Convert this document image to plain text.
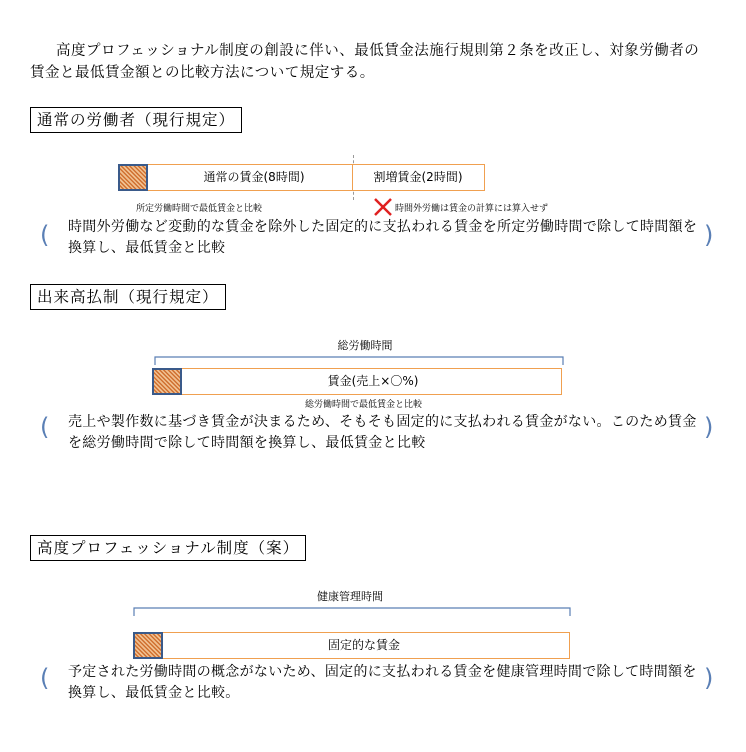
高度プロフェッショナル制度の創設に伴い、最低賃金法施行規則第２条を改正し、対象労働者の賃金と最低賃金額との比較方法について規定する。
通常の労働者（現行規定）
通常の賃金(8時間)	割増賃金(2時間)
所定労働時間で最低賃金と比較	時間外労働は賃金の計算には算入せず
( 時間外労働など変動的な賃金を除外した固定的に支払われる賃金を所定労働時間で除して時間額を換算し、最低賃金と比較	)
出来高払制（現行規定）
総労働時間
賃金(売上×〇%)
総労働時間で最低賃金と比較
( 売上や製作数に基づき賃金が決まるため、そもそも固定的に支払われる賃金がない。このため賃金を総労働時間で除して時間額を換算し、最低賃金と比較
)
高度プロフェッショナル制度（案）
健康管理時間
固定的な賃金
( 予定された労働時間の概念がないため、固定的に支払われる賃金を健康管理時間で除して時間額を換算し、最低賃金と比較。
)
